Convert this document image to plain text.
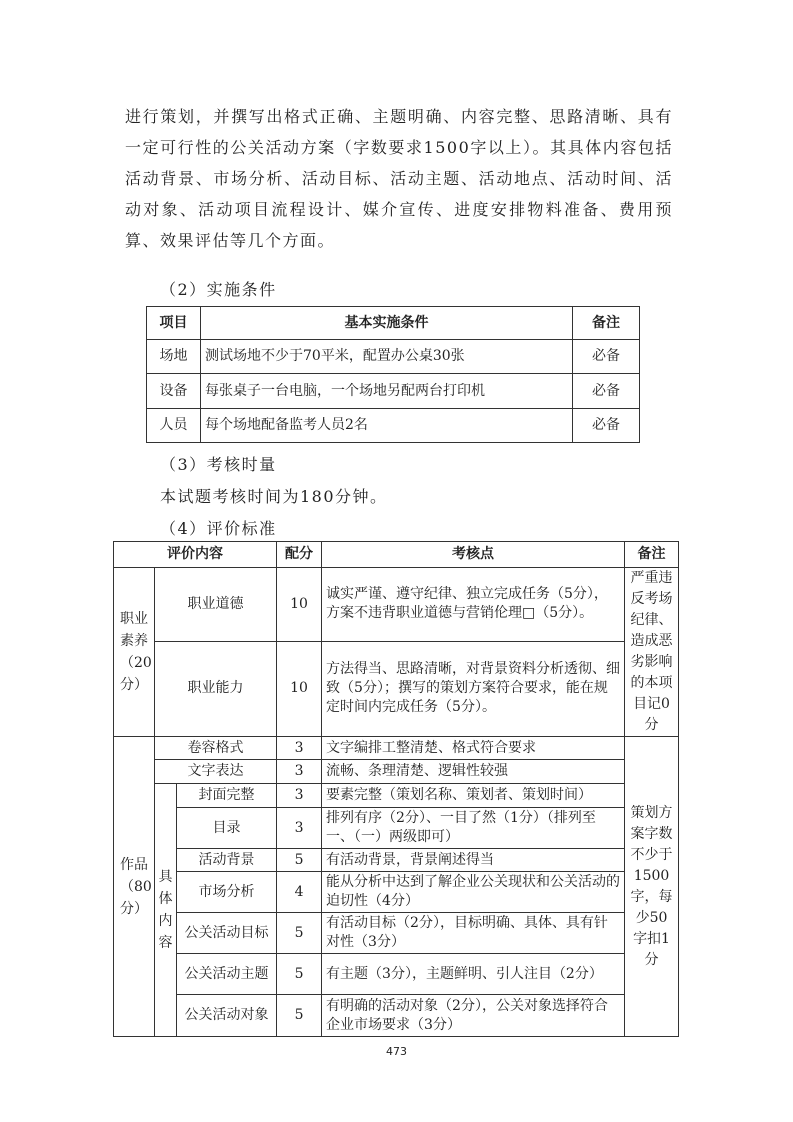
进行策划，并撰写出格式正确、主题明确、内容完整、思路清晰、具有一定可行性的公关活动方案（字数要求1500字以上）。其具体内容包括活动背景、市场分析、活动目标、活动主题、活动地点、活动时间、活动对象、活动项目流程设计、媒介宣传、进度安排物料准备、费用预算、效果评估等几个方面。
（2）实施条件
项目	基本实施条件	备注
场地	测试场地不少于70平米，配置办公桌30张	必备
设备	每张桌子一台电脑，一个场地另配两台打印机	必备
人员	每个场地配备监考人员2名	必备
（3）考核时量
本试题考核时间为180分钟。
（4）评价标准
评价内容			配分	考核点	备注
职业素养（20分）	职业道德		10	诚实严谨、遵守纪律、独立完成任务（5分），方案不违背职业道德与营销伦理□（5分）。	严重违反考场纪律、造成恶劣影响的本项目记0分
	职业能力		10	方法得当、思路清晰，对背景资料分析透彻、细致（5分）；撰写的策划方案符合要求，能在规定时间内完成任务（5分）。	
作品（80分）	卷容格式		3	文字编排工整清楚、格式符合要求	策划方案字数不少于1500字，每少50字扣1分
	文字表达		3	流畅、条理清楚、逻辑性较强	
	具体内容	封面完整	3	要素完整（策划名称、策划者、策划时间）	
		目录	3	排列有序（2分）、一目了然（1分）（排列至一、（一）两级即可）	
		活动背景	5	有活动背景，背景阐述得当	
		市场分析	4	能从分析中达到了解企业公关现状和公关活动的迫切性（4分）	
		公关活动目标	5	有活动目标（2分），目标明确、具体、具有针对性（3分）	
		公关活动主题	5	有主题（3分），主题鲜明、引人注目（2分）	
		公关活动对象	5	有明确的活动对象（2分），公关对象选择符合企业市场要求（3分）	
473
